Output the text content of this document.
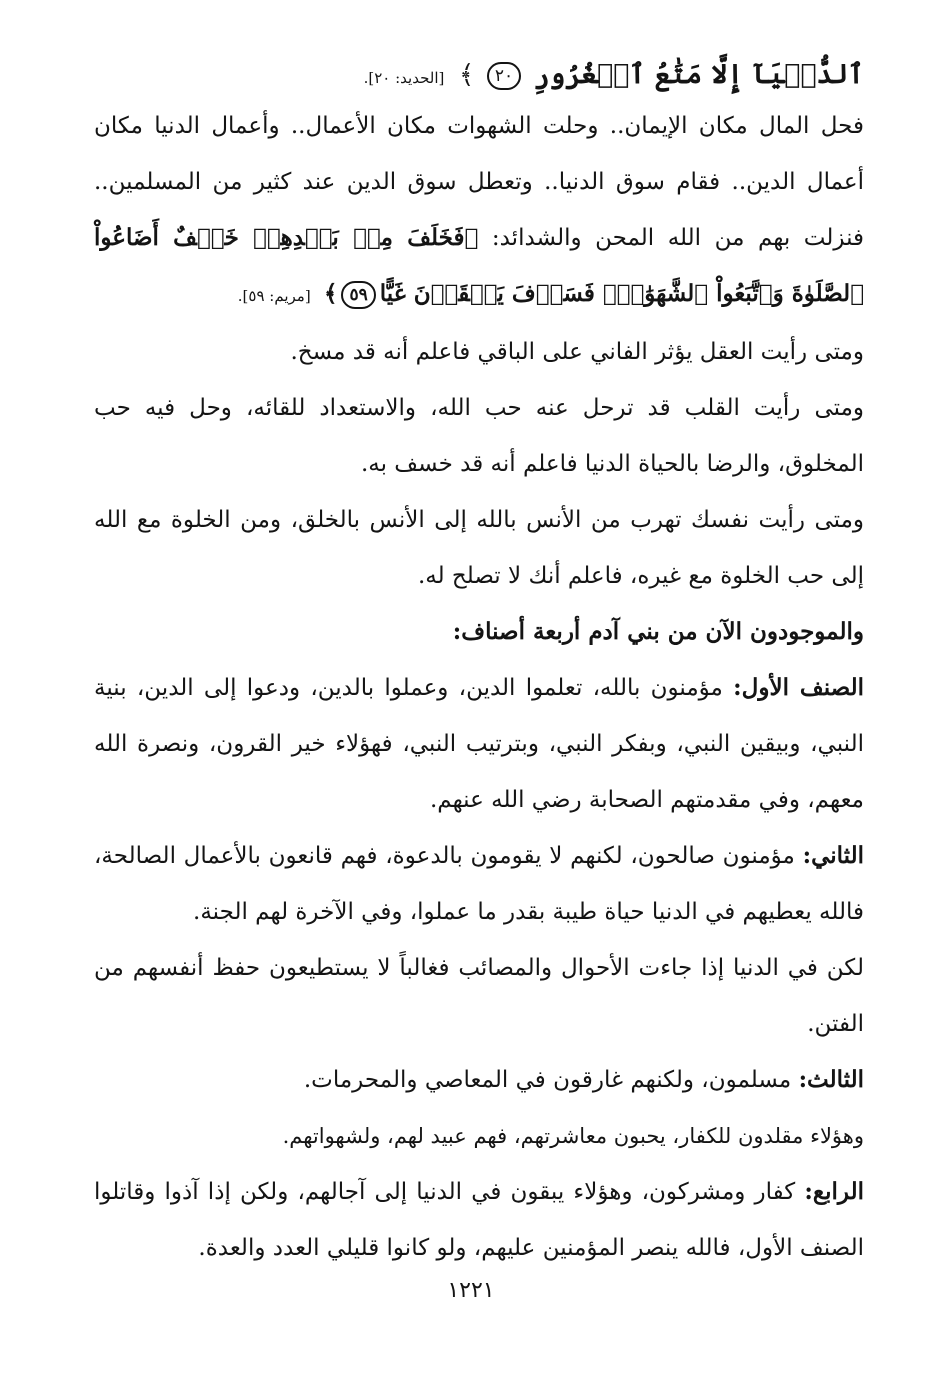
ٱلدُّنۡيَآ إِلَّا مَتَٰعُ ٱلۡغُرُورِ ٢٠ ﴾ [الحديد: ٢٠].

فحل المال مكان الإيمان.. وحلت الشهوات مكان الأعمال.. وأعمال الدنيا مكان أعمال الدين.. فقام سوق الدنيا.. وتعطل سوق الدين عند كثير من المسلمين.. فنزلت بهم من الله المحن والشدائد: ﴿فَخَلَفَ مِنۢ بَعۡدِهِمۡ خَلۡفٌ أَضَاعُواْ ٱلصَّلَوٰةَ وَٱتَّبَعُواْ ٱلشَّهَوَٰتِۖ فَسَوۡفَ يَلۡقَوۡنَ غَيًّا٥٩﴾ [مريم: ٥٩].

ومتى رأيت العقل يؤثر الفاني على الباقي فاعلم أنه قد مسخ.

ومتى رأيت القلب قد ترحل عنه حب الله، والاستعداد للقائه، وحل فيه حب المخلوق، والرضا بالحياة الدنيا فاعلم أنه قد خسف به.

ومتى رأيت نفسك تهرب من الأنس بالله إلى الأنس بالخلق، ومن الخلوة مع الله إلى حب الخلوة مع غيره، فاعلم أنك لا تصلح له.

والموجودون الآن من بني آدم أربعة أصناف:

الصنف الأول: مؤمنون بالله، تعلموا الدين، وعملوا بالدين، ودعوا إلى الدين، بنية النبي، وبيقين النبي، وبفكر النبي، وبترتيب النبي، فهؤلاء خير القرون، ونصرة الله معهم، وفي مقدمتهم الصحابة رضي الله عنهم.

الثاني: مؤمنون صالحون، لكنهم لا يقومون بالدعوة، فهم قانعون بالأعمال الصالحة، فالله يعطيهم في الدنيا حياة طيبة بقدر ما عملوا، وفي الآخرة لهم الجنة.

لكن في الدنيا إذا جاءت الأحوال والمصائب فغالباً لا يستطيعون حفظ أنفسهم من الفتن.

الثالث: مسلمون، ولكنهم غارقون في المعاصي والمحرمات.

وهؤلاء مقلدون للكفار، يحبون معاشرتهم، فهم عبيد لهم، ولشهواتهم.

الرابع: كفار ومشركون، وهؤلاء يبقون في الدنيا إلى آجالهم، ولكن إذا آذوا وقاتلوا الصنف الأول، فالله ينصر المؤمنين عليهم، ولو كانوا قليلي العدد والعدة.

١٢٢١
